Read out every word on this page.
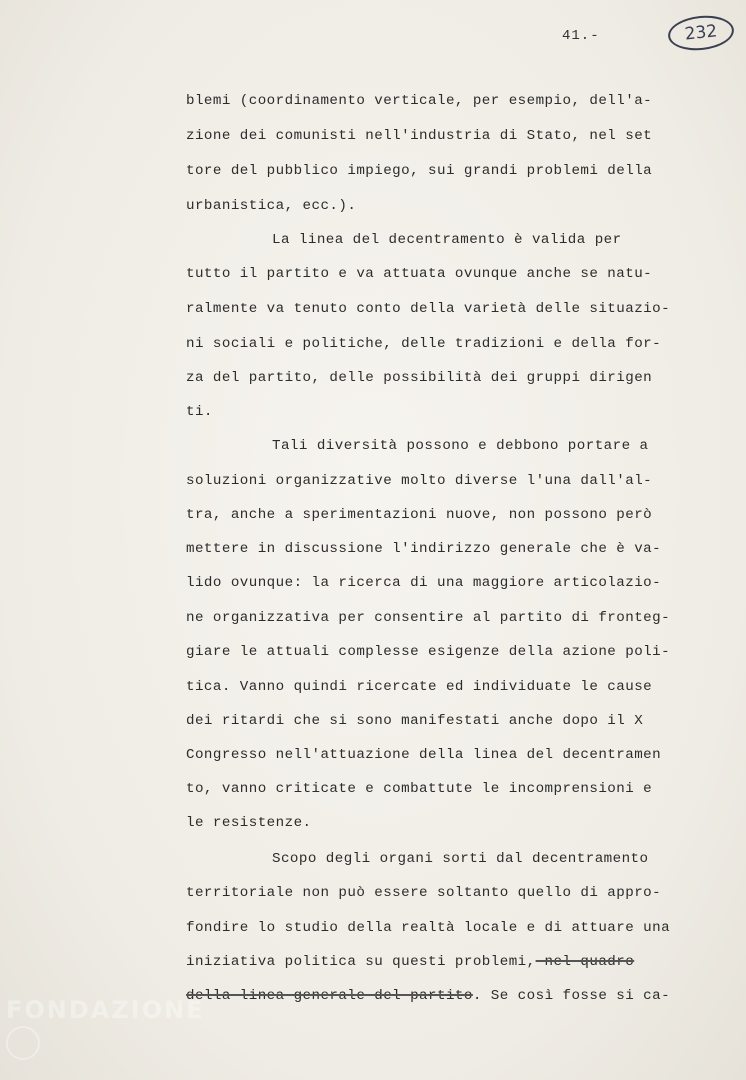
41.-	232
blemi (coordinamento verticale, per esempio, dell'a-
zione dei comunisti nell'industria di Stato, nel set
tore del pubblico impiego, sui grandi problemi della
urbanistica, ecc.).
La linea del decentramento è valida per
tutto il partito e va attuata ovunque anche se natu-
ralmente va tenuto conto della varietà delle situazio-
ni sociali e politiche, delle tradizioni e della for-
za del partito, delle possibilità dei gruppi dirigen
ti.
Tali diversità possono e debbono portare a
soluzioni organizzative molto diverse l'una dall'al-
tra, anche a sperimentazioni nuove, non possono però
mettere in discussione l'indirizzo generale che è va-
lido ovunque: la ricerca di una maggiore articolazio-
ne organizzativa per consentire al partito di fronteg-
giare le attuali complesse esigenze della azione poli-
tica. Vanno quindi ricercate ed individuate le cause
dei ritardi che si sono manifestati anche dopo il X
Congresso nell'attuazione della linea del decentramen
to, vanno criticate e combattute le incomprensioni e
le resistenze.
Scopo degli organi sorti dal decentramento
territoriale non può essere soltanto quello di appro-
fondire lo studio della realtà locale e di attuare una
iniziativa politica su questi problemi, nel quadro
della linea generale del partito. Se così fosse si ca-
FONDAZIONE
